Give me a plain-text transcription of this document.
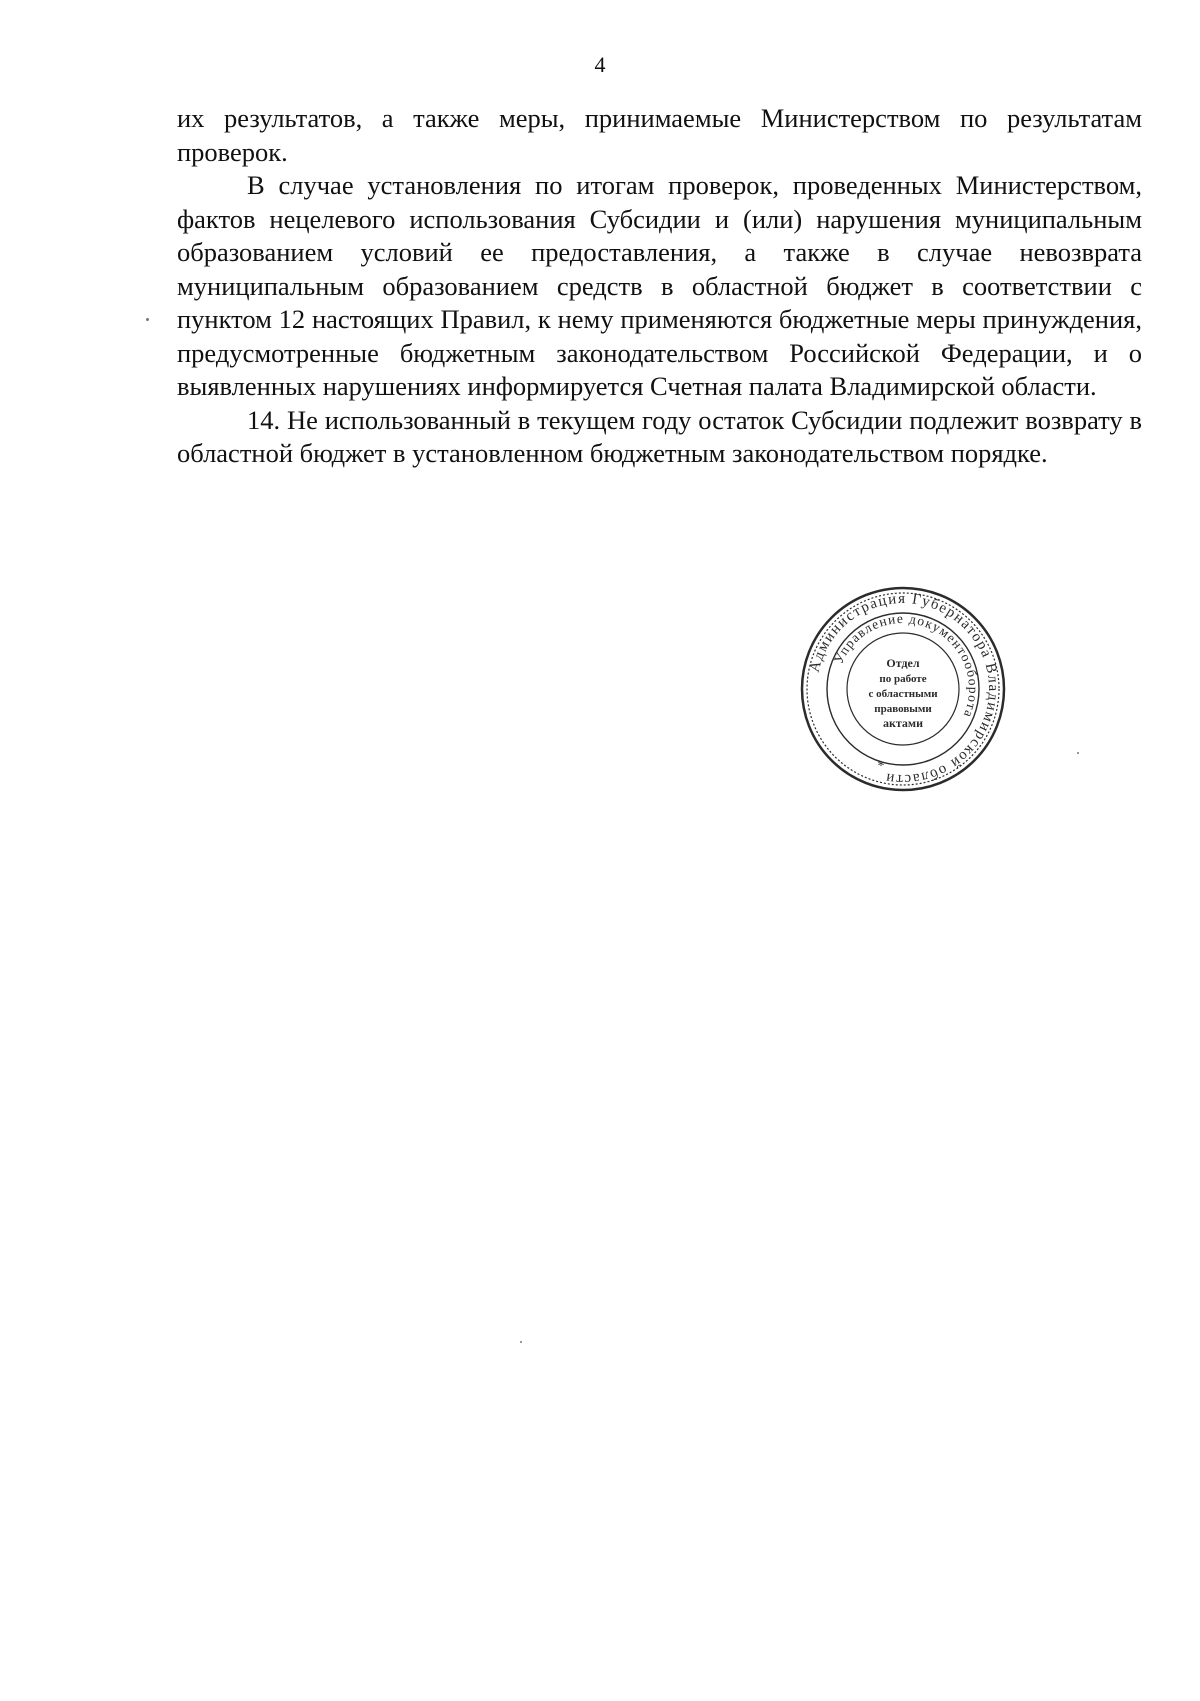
4

их результатов, а также меры, принимаемые Министерством по результатам проверок.

В случае установления по итогам проверок, проведенных Министерством, фактов нецелевого использования Субсидии и (или) нарушения муниципальным образованием условий ее предоставления, а также в случае невозврата муниципальным образованием средств в областной бюджет в соответствии с пунктом 12 настоящих Правил, к нему применяются бюджетные меры принуждения, предусмотренные бюджетным законодательством Российской Федерации, и о выявленных нарушениях информируется Счетная палата Владимирской области.

14. Не использованный в текущем году остаток Субсидии подлежит возврату в областной бюджет в установленном бюджетным законодательством порядке.

Администрация Губернатора Владимирской области
Управление документооборота
Отдел
по работе
с областными
правовыми
актами
*
